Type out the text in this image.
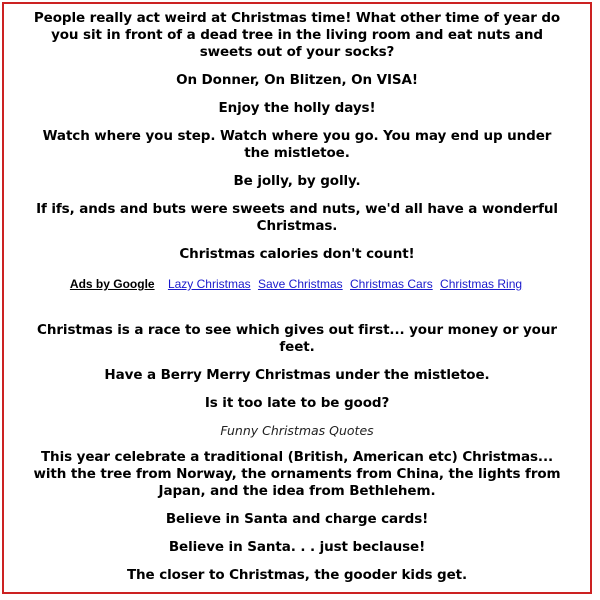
People really act weird at Christmas time! What other time of year do you sit in front of a dead tree in the living room and eat nuts and sweets out of your socks?

On Donner, On Blitzen, On VISA!

Enjoy the holly days!

Watch where you step. Watch where you go. You may end up under the mistletoe.

Be jolly, by golly.

If ifs, ands and buts were sweets and nuts, we'd all have a wonderful Christmas.

Christmas calories don't count!

Ads by Google Lazy Christmas Save Christmas Christmas Cars Christmas Ring

Christmas is a race to see which gives out first... your money or your feet.

Have a Berry Merry Christmas under the mistletoe.

Is it too late to be good?

Funny Christmas Quotes

This year celebrate a traditional (British, American etc) Christmas... with the tree from Norway, the ornaments from China, the lights from Japan, and the idea from Bethlehem.

Believe in Santa and charge cards!

Believe in Santa. . . just beclause!

The closer to Christmas, the gooder kids get.
